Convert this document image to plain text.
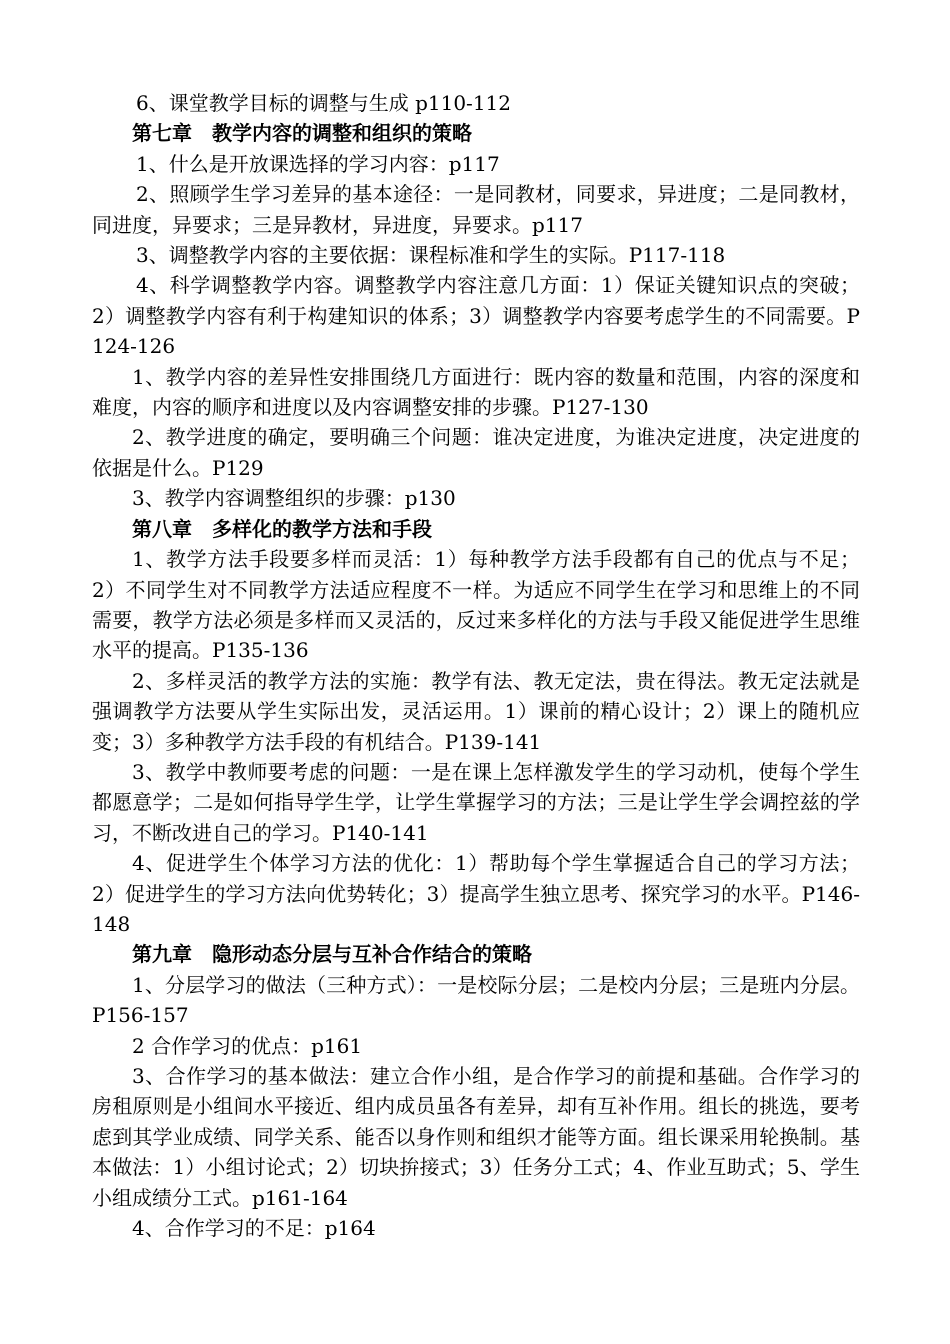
6、课堂教学目标的调整与生成 p110-112

第七章　教学内容的调整和组织的策略

1、什么是开放课选择的学习内容：p117

2、照顾学生学习差异的基本途径：一是同教材，同要求，异进度；二是同教材，同进度，异要求；三是异教材，异进度，异要求。p117

3、调整教学内容的主要依据：课程标准和学生的实际。P117-118

4、科学调整教学内容。调整教学内容注意几方面：1）保证关键知识点的突破；2）调整教学内容有利于构建知识的体系；3）调整教学内容要考虑学生的不同需要。P124-126

1、教学内容的差异性安排围绕几方面进行：既内容的数量和范围，内容的深度和难度，内容的顺序和进度以及内容调整安排的步骤。P127-130

2、教学进度的确定，要明确三个问题：谁决定进度，为谁决定进度，决定进度的依据是什么。P129

3、教学内容调整组织的步骤：p130

第八章　多样化的教学方法和手段

1、教学方法手段要多样而灵活：1）每种教学方法手段都有自己的优点与不足；2）不同学生对不同教学方法适应程度不一样。为适应不同学生在学习和思维上的不同需要，教学方法必须是多样而又灵活的，反过来多样化的方法与手段又能促进学生思维水平的提高。P135-136

2、多样灵活的教学方法的实施：教学有法、教无定法，贵在得法。教无定法就是强调教学方法要从学生实际出发，灵活运用。1）课前的精心设计；2）课上的随机应变；3）多种教学方法手段的有机结合。P139-141

3、教学中教师要考虑的问题：一是在课上怎样激发学生的学习动机，使每个学生都愿意学；二是如何指导学生学，让学生掌握学习的方法；三是让学生学会调控兹的学习，不断改进自己的学习。P140-141

4、促进学生个体学习方法的优化：1）帮助每个学生掌握适合自己的学习方法；2）促进学生的学习方法向优势转化；3）提高学生独立思考、探究学习的水平。P146-148

第九章　隐形动态分层与互补合作结合的策略

1、分层学习的做法（三种方式）：一是校际分层；二是校内分层；三是班内分层。P156-157

2 合作学习的优点：p161

3、合作学习的基本做法：建立合作小组，是合作学习的前提和基础。合作学习的房租原则是小组间水平接近、组内成员虽各有差异，却有互补作用。组长的挑选，要考虑到其学业成绩、同学关系、能否以身作则和组织才能等方面。组长课采用轮换制。基本做法：1）小组讨论式；2）切块拚接式；3）任务分工式；4、作业互助式；5、学生小组成绩分工式。p161-164

4、合作学习的不足：p164
